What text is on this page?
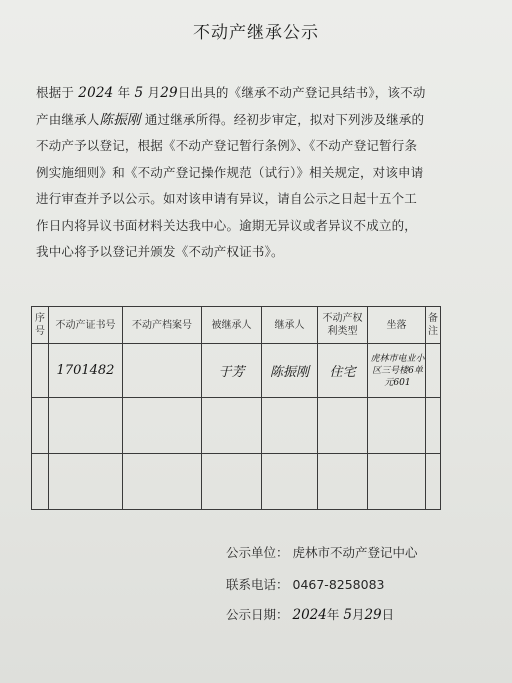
不动产继承公示
根据于 2024 年 5 月29日出具的《继承不动产登记具结书》，该不动产由继承人陈振刚 通过继承所得。经初步审定，拟对下列涉及继承的不动产予以登记，根据《不动产登记暂行条例》、《不动产登记暂行条例实施细则》和《不动产登记操作规范（试行）》相关规定，对该申请进行审查并予以公示。如对该申请有异议，请自公示之日起十五个工作日内将异议书面材料关达我中心。逾期无异议或者异议不成立的，我中心将予以登记并颁发《不动产权证书》。
序号	不动产证书号	不动产档案号	被继承人	继承人	不动产权利类型	坐落	备注
	1701482		于芳	陈振刚	住宅	虎林市电业小区三号楼6单元601	

公示单位： 虎林市不动产登记中心
联系电话： 0467-8258083
公示日期： 2024年 5月29日
